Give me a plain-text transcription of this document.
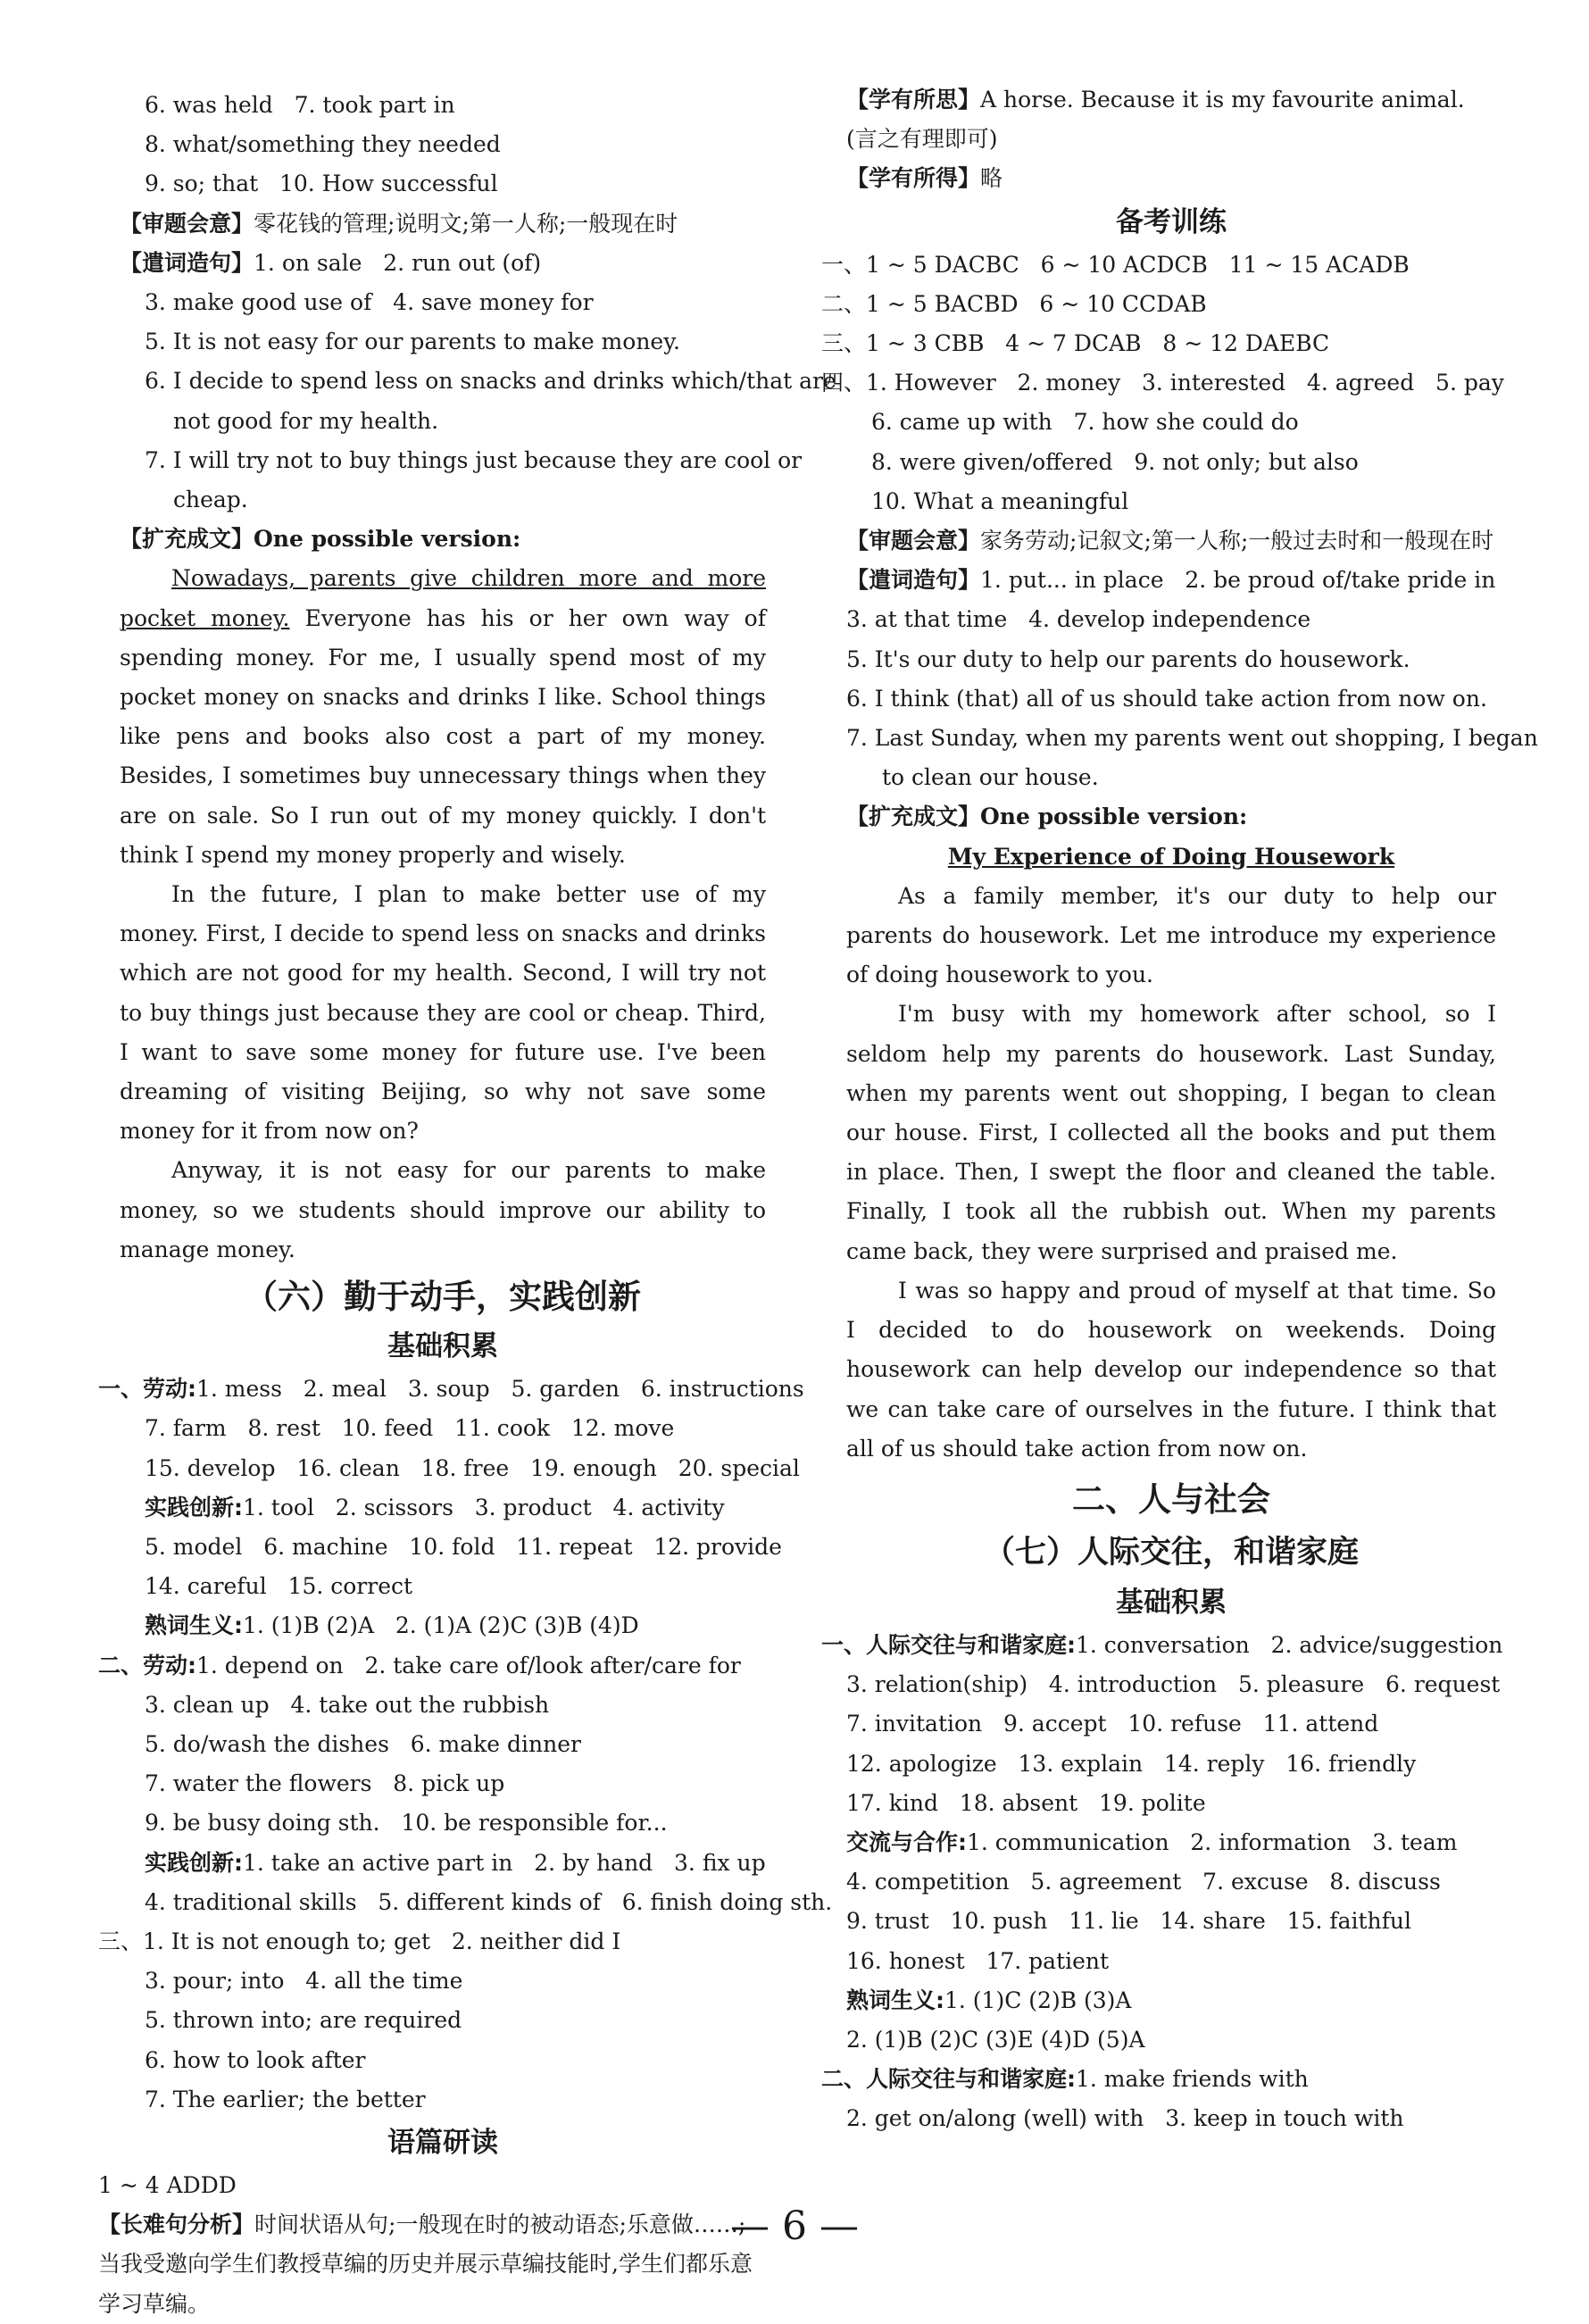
6. was held   7. took part in
8. what/something they needed
9. so; that   10. How successful
【审题会意】零花钱的管理;说明文;第一人称;一般现在时
【遣词造句】1. on sale   2. run out (of)
3. make good use of   4. save money for
5. It is not easy for our parents to make money.
6. I decide to spend less on snacks and drinks which/that are
not good for my health.
7. I will try not to buy things just because they are cool or
cheap.
【扩充成文】One possible version:
Nowadays, parents give children more and more pocket money. Everyone has his or her own way of spending money. For me, I usually spend most of my pocket money on snacks and drinks I like. School things like pens and books also cost a part of my money. Besides, I sometimes buy unnecessary things when they are on sale. So I run out of my money quickly. I don't think I spend my money properly and wisely.
In the future, I plan to make better use of my money. First, I decide to spend less on snacks and drinks which are not good for my health. Second, I will try not to buy things just because they are cool or cheap. Third, I want to save some money for future use. I've been dreaming of visiting Beijing, so why not save some money for it from now on?
Anyway, it is not easy for our parents to make money, so we students should improve our ability to manage money.
（六）勤于动手，实践创新
基础积累
一、劳动:1. mess   2. meal   3. soup   5. garden   6. instructions
7. farm   8. rest   10. feed   11. cook   12. move
15. develop   16. clean   18. free   19. enough   20. special
实践创新:1. tool   2. scissors   3. product   4. activity
5. model   6. machine   10. fold   11. repeat   12. provide
14. careful   15. correct
熟词生义:1. (1)B (2)A   2. (1)A (2)C (3)B (4)D
二、劳动:1. depend on   2. take care of/look after/care for
3. clean up   4. take out the rubbish
5. do/wash the dishes   6. make dinner
7. water the flowers   8. pick up
9. be busy doing sth.   10. be responsible for...
实践创新:1. take an active part in   2. by hand   3. fix up
4. traditional skills   5. different kinds of   6. finish doing sth.
三、1. It is not enough to; get   2. neither did I
3. pour; into   4. all the time
5. thrown into; are required
6. how to look after
7. The earlier; the better
语篇研读
1 ~ 4 ADDD
【长难句分析】时间状语从句;一般现在时的被动语态;乐意做……;当我受邀向学生们教授草编的历史并展示草编技能时,学生们都乐意学习草编。
【学有所思】A horse. Because it is my favourite animal. (言之有理即可)
【学有所得】略
备考训练
一、1 ~ 5 DACBC   6 ~ 10 ACDCB   11 ~ 15 ACADB
二、1 ~ 5 BACBD   6 ~ 10 CCDAB
三、1 ~ 3 CBB   4 ~ 7 DCAB   8 ~ 12 DAEBC
四、1. However   2. money   3. interested   4. agreed   5. pay
6. came up with   7. how she could do
8. were given/offered   9. not only; but also
10. What a meaningful
【审题会意】家务劳动;记叙文;第一人称;一般过去时和一般现在时
【遣词造句】1. put... in place   2. be proud of/take pride in
3. at that time   4. develop independence
5. It's our duty to help our parents do housework.
6. I think (that) all of us should take action from now on.
7. Last Sunday, when my parents went out shopping, I began
to clean our house.
【扩充成文】One possible version:
My Experience of Doing Housework
As a family member, it's our duty to help our parents do housework. Let me introduce my experience of doing housework to you.
I'm busy with my homework after school, so I seldom help my parents do housework. Last Sunday, when my parents went out shopping, I began to clean our house. First, I collected all the books and put them in place. Then, I swept the floor and cleaned the table. Finally, I took all the rubbish out. When my parents came back, they were surprised and praised me.
I was so happy and proud of myself at that time. So I decided to do housework on weekends. Doing housework can help develop our independence so that we can take care of ourselves in the future. I think that all of us should take action from now on.
二、人与社会
（七）人际交往，和谐家庭
基础积累
一、人际交往与和谐家庭:1. conversation   2. advice/suggestion
3. relation(ship)   4. introduction   5. pleasure   6. request
7. invitation   9. accept   10. refuse   11. attend
12. apologize   13. explain   14. reply   16. friendly
17. kind   18. absent   19. polite
交流与合作:1. communication   2. information   3. team
4. competition   5. agreement   7. excuse   8. discuss
9. trust   10. push   11. lie   14. share   15. faithful
16. honest   17. patient
熟词生义:1. (1)C (2)B (3)A
2. (1)B (2)C (3)E (4)D (5)A
二、人际交往与和谐家庭:1. make friends with
2. get on/along (well) with   3. keep in touch with
— 6 —
